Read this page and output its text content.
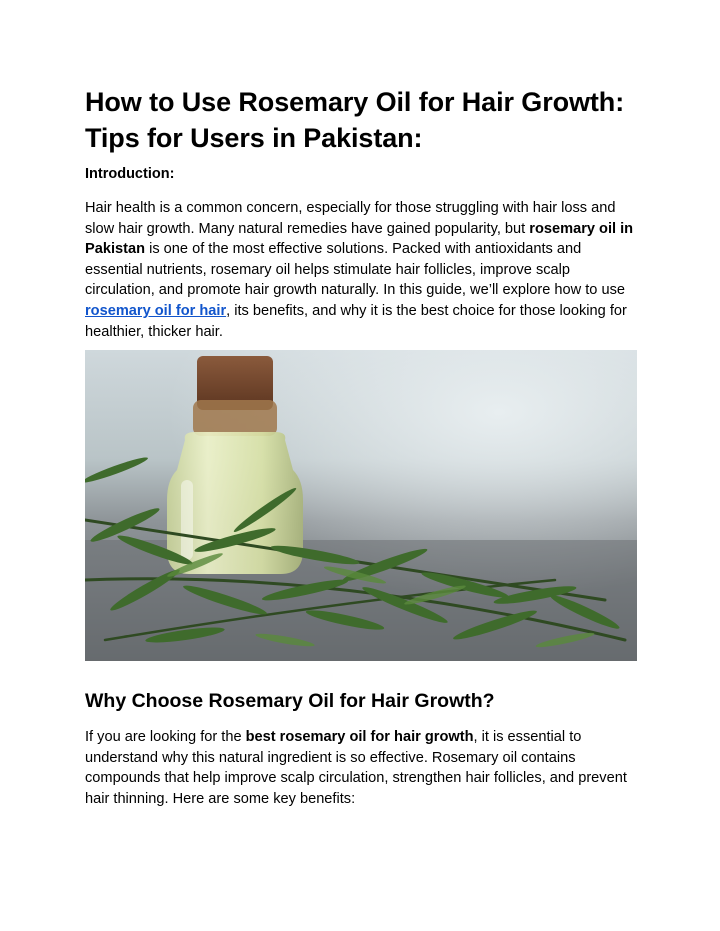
How to Use Rosemary Oil for Hair Growth: Tips for Users in Pakistan:
Introduction:

Hair health is a common concern, especially for those struggling with hair loss and slow hair growth. Many natural remedies have gained popularity, but rosemary oil in Pakistan is one of the most effective solutions. Packed with antioxidants and essential nutrients, rosemary oil helps stimulate hair follicles, improve scalp circulation, and promote hair growth naturally. In this guide, we’ll explore how to use rosemary oil for hair, its benefits, and why it is the best choice for those looking for healthier, thicker hair.

Why Choose Rosemary Oil for Hair Growth?

If you are looking for the best rosemary oil for hair growth, it is essential to understand why this natural ingredient is so effective. Rosemary oil contains compounds that help improve scalp circulation, strengthen hair follicles, and prevent hair thinning. Here are some key benefits:
